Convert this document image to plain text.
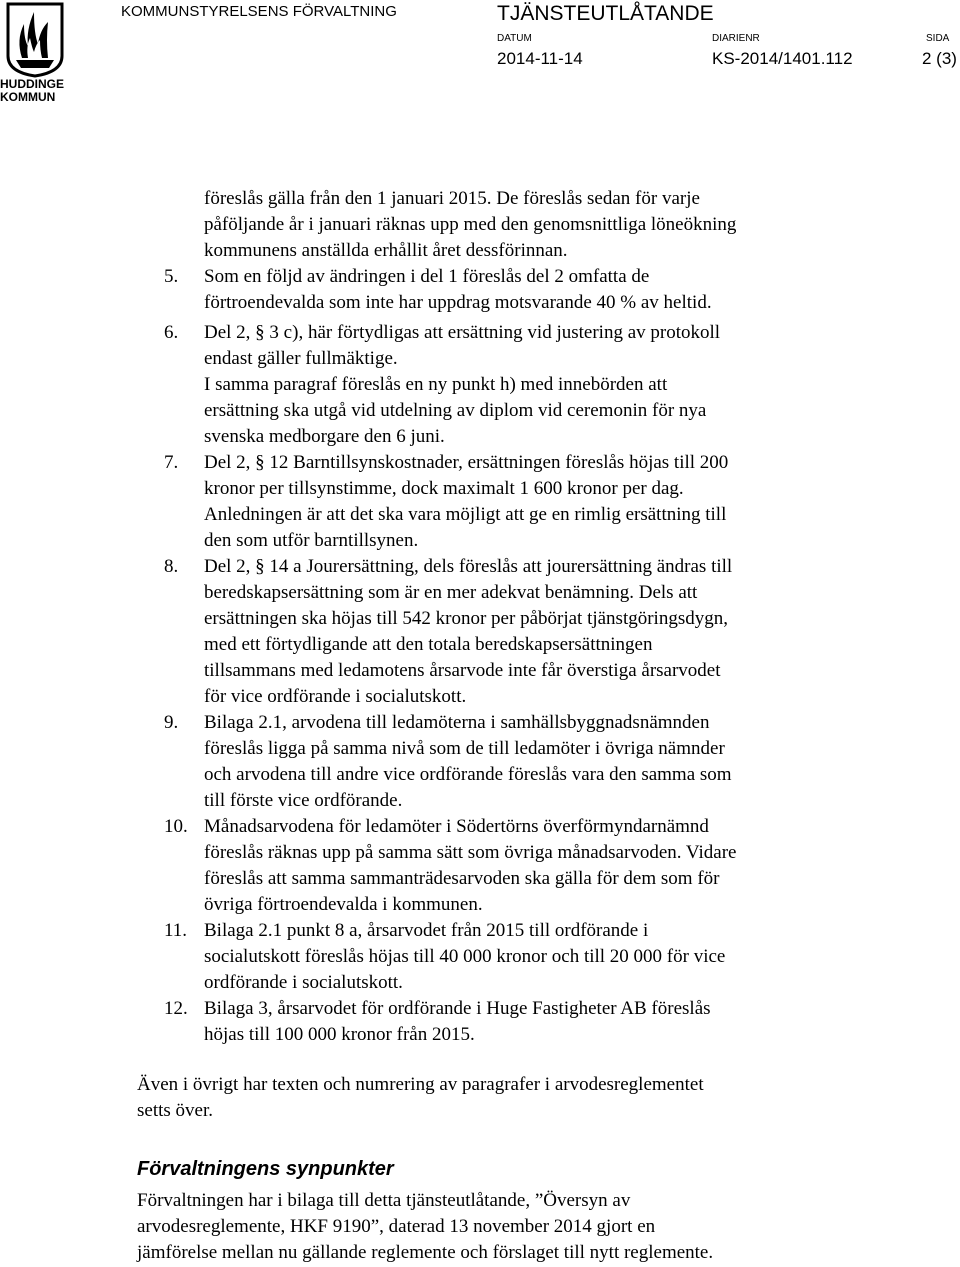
HUDDINGE
KOMMUN
KOMMUNSTYRELSENS FÖRVALTNING	TJÄNSTEUTLÅTANDE
DATUM
2014-11-14
DIARIENR
KS-2014/1401.112
SIDA
2 (3)
föreslås gälla från den 1 januari 2015. De föreslås sedan för varje
påföljande år i januari räknas upp med den genomsnittliga löneökning
kommunens anställda erhållit året dessförinnan.
5.	Som en följd av ändringen i del 1 föreslås del 2 omfatta de
förtroendevalda som inte har uppdrag motsvarande 40 % av heltid.
6.	Del 2, § 3 c), här förtydligas att ersättning vid justering av protokoll
endast gäller fullmäktige.
I samma paragraf föreslås en ny punkt h) med innebörden att
ersättning ska utgå vid utdelning av diplom vid ceremonin för nya
svenska medborgare den 6 juni.
7.	Del 2, § 12 Barntillsynskostnader, ersättningen föreslås höjas till 200
kronor per tillsynstimme, dock maximalt 1 600 kronor per dag.
Anledningen är att det ska vara möjligt att ge en rimlig ersättning till
den som utför barntillsynen.
8.	Del 2, § 14 a Jourersättning, dels föreslås att jourersättning ändras till
beredskapsersättning som är en mer adekvat benämning. Dels att
ersättningen ska höjas till 542 kronor per påbörjat tjänstgöringsdygn,
med ett förtydligande att den totala beredskapsersättningen
tillsammans med ledamotens årsarvode inte får överstiga årsarvodet
för vice ordförande i socialutskott.
9.	Bilaga 2.1, arvodena till ledamöterna i samhällsbyggnadsnämnden
föreslås ligga på samma nivå som de till ledamöter i övriga nämnder
och arvodena till andre vice ordförande föreslås vara den samma som
till förste vice ordförande.
10. Månadsarvodena för ledamöter i Södertörns överförmyndarnämnd
föreslås räknas upp på samma sätt som övriga månadsarvoden. Vidare
föreslås att samma sammanträdesarvoden ska gälla för dem som för
övriga förtroendevalda i kommunen.
11. Bilaga 2.1 punkt 8 a, årsarvodet från 2015 till ordförande i
socialutskott föreslås höjas till 40 000 kronor och till 20 000 för vice
ordförande i socialutskott.
12. Bilaga 3, årsarvodet för ordförande i Huge Fastigheter AB föreslås
höjas till 100 000 kronor från 2015.
Även i övrigt har texten och numrering av paragrafer i arvodesreglementet
setts över.
Förvaltningens synpunkter
Förvaltningen har i bilaga till detta tjänsteutlåtande, ”Översyn av
arvodesreglemente, HKF 9190”, daterad 13 november 2014 gjort en
jämförelse mellan nu gällande reglemente och förslaget till nytt reglemente.
